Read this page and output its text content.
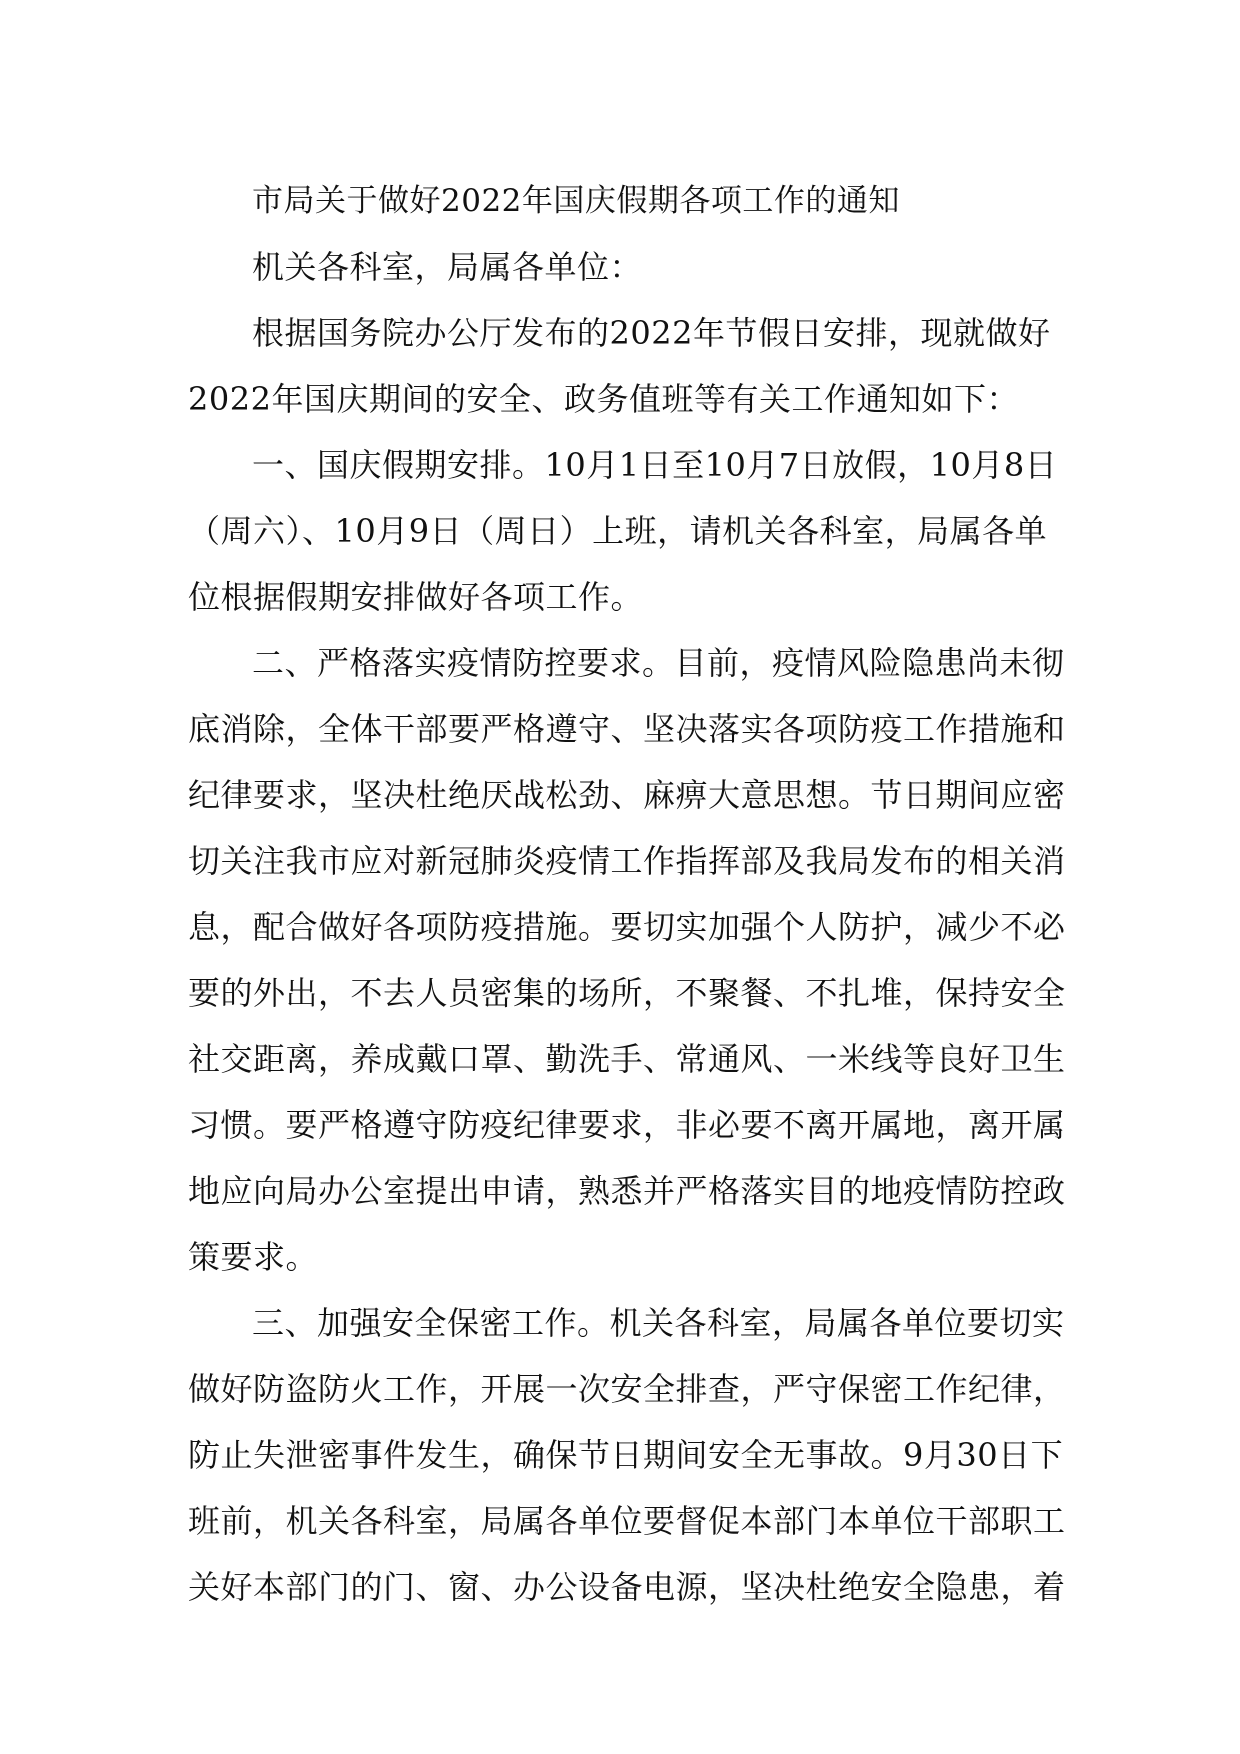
市局关于做好2022年国庆假期各项工作的通知
机关各科室，局属各单位：
根据国务院办公厅发布的2022年节假日安排，现就做好
2022年国庆期间的安全、政务值班等有关工作通知如下：
一、国庆假期安排。10月1日至10月7日放假，10月8日
（周六）、10月9日（周日）上班，请机关各科室，局属各单
位根据假期安排做好各项工作。
二、严格落实疫情防控要求。目前，疫情风险隐患尚未彻
底消除，全体干部要严格遵守、坚决落实各项防疫工作措施和
纪律要求，坚决杜绝厌战松劲、麻痹大意思想。节日期间应密
切关注我市应对新冠肺炎疫情工作指挥部及我局发布的相关消
息，配合做好各项防疫措施。要切实加强个人防护，减少不必
要的外出，不去人员密集的场所，不聚餐、不扎堆，保持安全
社交距离，养成戴口罩、勤洗手、常通风、一米线等良好卫生
习惯。要严格遵守防疫纪律要求，非必要不离开属地，离开属
地应向局办公室提出申请，熟悉并严格落实目的地疫情防控政
策要求。
三、加强安全保密工作。机关各科室，局属各单位要切实
做好防盗防火工作，开展一次安全排查，严守保密工作纪律，
防止失泄密事件发生，确保节日期间安全无事故。9月30日下
班前，机关各科室，局属各单位要督促本部门本单位干部职工
关好本部门的门、窗、办公设备电源，坚决杜绝安全隐患，着
